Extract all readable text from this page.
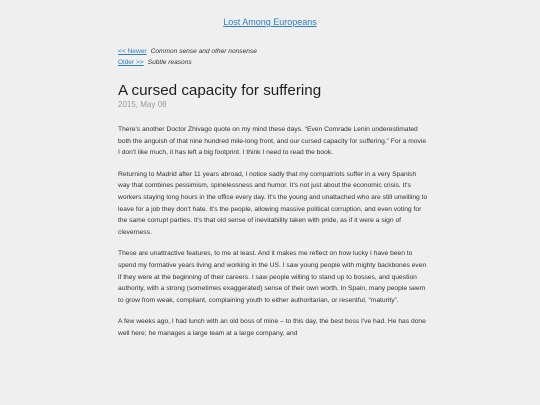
Lost Among Europeans
<< Newer Common sense and other nonsense
Older >> Subtle reasons
A cursed capacity for suffering
2015, May 08

There's another Doctor Zhivago quote on my mind these days. “Even Comrade Lenin underestimated both the anguish of that nine hundred mile-long front, and our cursed capacity for suffering.” For a movie I don't like much, it has left a big footprint. I think I need to read the book.

Returning to Madrid after 11 years abroad, I notice sadly that my compatriots suffer in a very Spanish way that combines pessimism, spinelessness and humor. It's not just about the economic crisis. It's workers staying long hours in the office every day. It's the young and unattached who are still unwilling to leave for a job they don't hate. It's the people, allowing massive political corruption, and even voting for the same corrupt parties. It's that old sense of inevitability taken with pride, as if it were a sign of cleverness.

These are unattractive features, to me at least. And it makes me reflect on how lucky I have been to spend my formative years living and working in the US. I saw young people with mighty backbones even if they were at the beginning of their careers. I saw people willing to stand up to bosses, and question authority, with a strong (sometimes exaggerated) sense of their own worth. In Spain, many people seem to grow from weak, compliant, complaining youth to either authoritarian, or resentful, “maturity”.

A few weeks ago, I had lunch with an old boss of mine – to this day, the best boss I've had. He has done well here; he manages a large team at a large company, and
